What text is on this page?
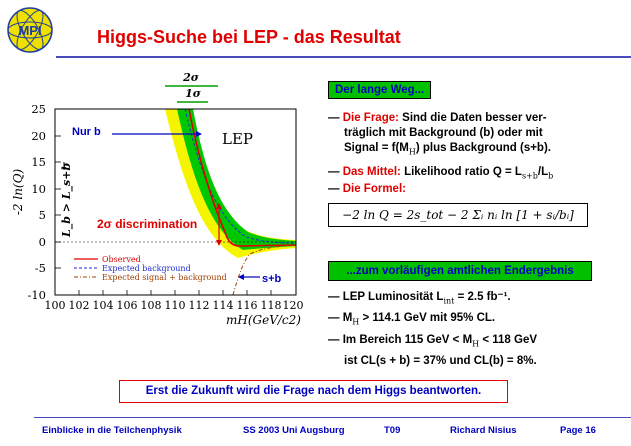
MPI	Higgs-Suche bei LEP - das Resultat
25
20
15
10
5
0
-5
-10
100 102 104 106 108 110 112 114 116 118 120
-2 ln(Q)
mH(GeV/c2)
LEP
2σ
1σ
Nur b
L_b > L_s+b 2σ discrimination
Observed
Expected background
Expected signal + background	s+b
Der lange Weg...
— Die Frage: Sind die Daten besser ver-
träglich mit Background (b) oder mit
Signal = $f(M_H)$ plus Background (s+b).
— Das Mittel: Likelihood ratio $Q = L_{s+b}/L_b$
— Die Formel:
−2 ln Q = 2s_tot − 2 Σᵢ nᵢ ln [1 + sᵢ/bᵢ]
...zum vorläufigen amtlichen Endergebnis
— LEP Luminosität $L_{int} = 2.5$ fb⁻¹.
— $M_H > 114.1$ GeV mit 95% CL.
— Im Bereich 115 GeV < $M_H < 118$ GeV
ist CL(s + b) = 37% und CL(b) = 8%.
Erst die Zukunft wird die Frage nach dem Higgs beantworten.
Einblicke in die Teilchenphysik	SS 2003 Uni Augsburg	T09	Richard Nisius	Page 16
